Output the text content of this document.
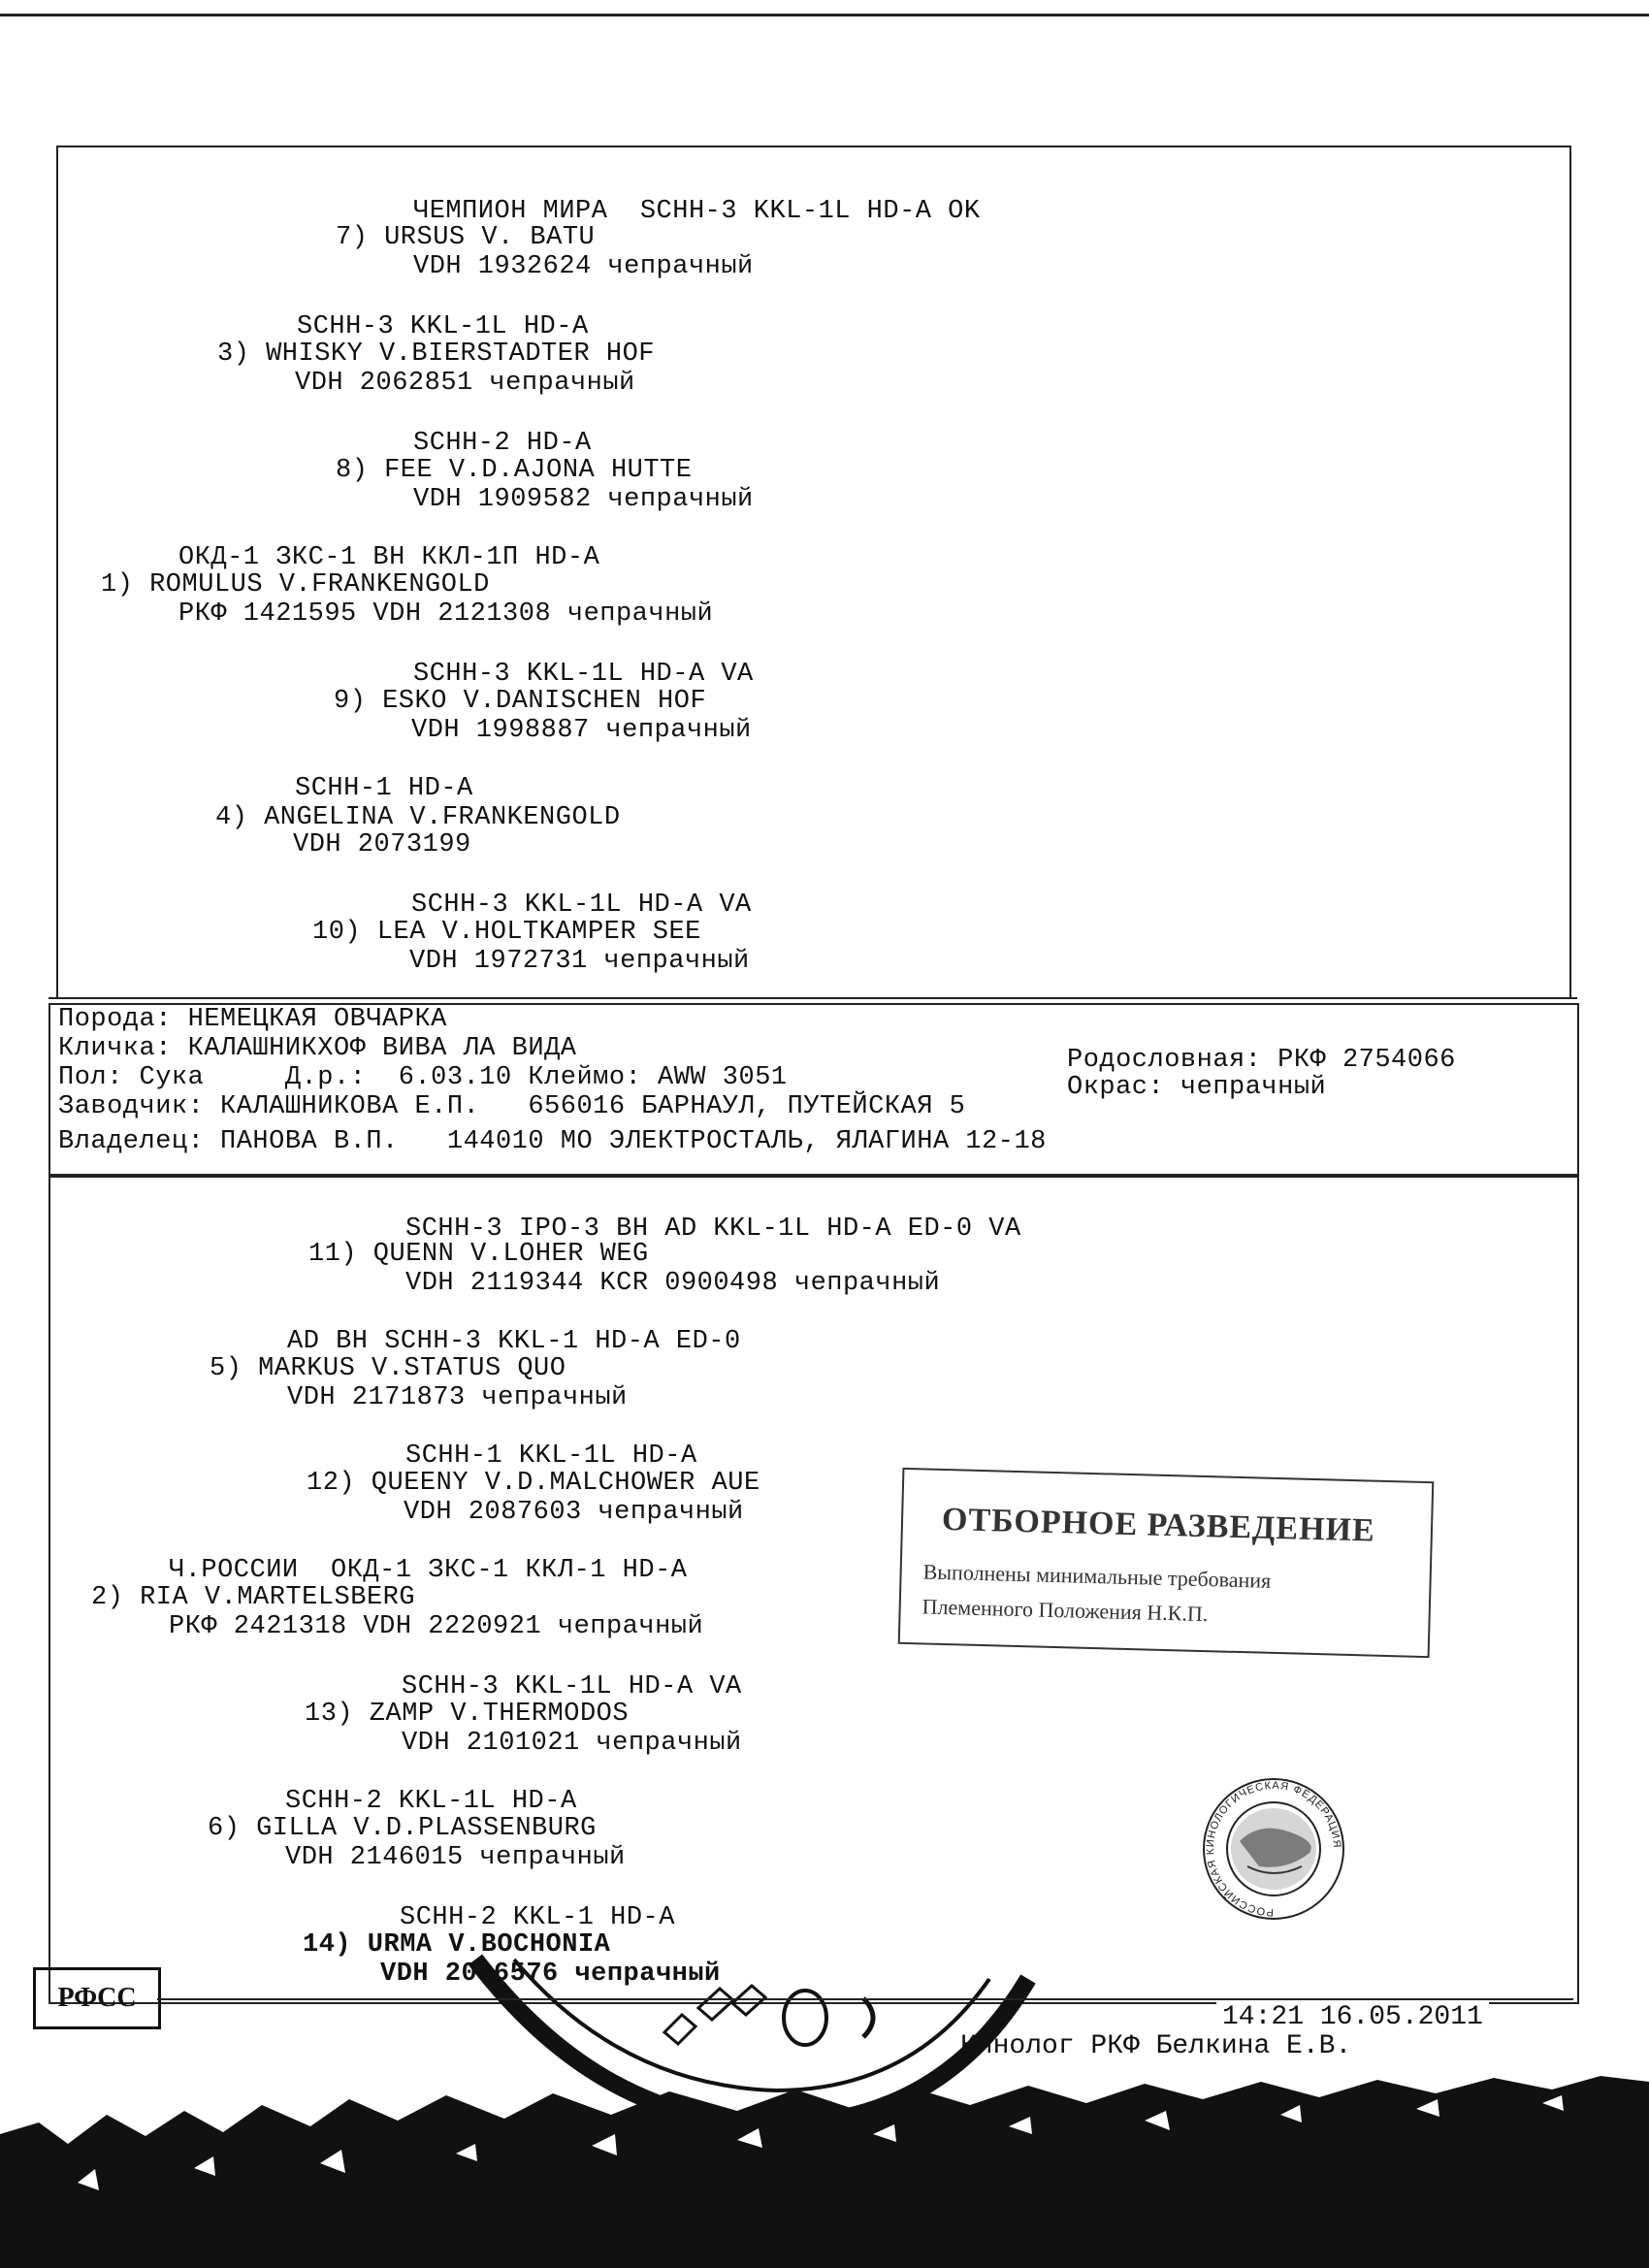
ЧЕМПИОН МИРА  SCHH-3 KKL-1L HD-A OK
7) URSUS V. BATU
VDH 1932624 чепрачный
SCHH-3 KKL-1L HD-A
3) WHISKY V.BIERSTADTER HOF
VDH 2062851 чепрачный
SCHH-2 HD-A
8) FEE V.D.AJONA HUTTE
VDH 1909582 чепрачный
ОКД-1 ЗКС-1 ВН ККЛ-1П HD-A
1) ROMULUS V.FRANKENGOLD
РКФ 1421595 VDH 2121308 чепрачный
SCHH-3 KKL-1L HD-A VA
9) ESKO V.DANISCHEN HOF
VDH 1998887 чепрачный
SCHH-1 HD-A
4) ANGELINA V.FRANKENGOLD
VDH 2073199
SCHH-3 KKL-1L HD-A VA
10) LEA V.HOLTKAMPER SEE
VDH 1972731 чепрачный
Порода: НЕМЕЦКАЯ ОВЧАРКА
Кличка: КАЛАШНИКХОФ ВИВА ЛА ВИДА	Родословная: РКФ 2754066
Пол: Сука     Д.р.:  6.03.10 Клеймо: AWW 3051	Окрас: чепрачный
Заводчик: КАЛАШНИКОВА Е.П.   656016 БАРНАУЛ, ПУТЕЙСКАЯ 5
Владелец: ПАНОВА В.П.   144010 МО ЭЛЕКТРОСТАЛЬ, ЯЛАГИНА 12-18
SCHH-3 IPO-3 BH AD KKL-1L HD-A ED-0 VA
11) QUENN V.LOHER WEG
VDH 2119344 KCR 0900498 чепрачный
AD BH SCHH-3 KKL-1 HD-A ED-0
5) MARKUS V.STATUS QUO
VDH 2171873 чепрачный
SCHH-1 KKL-1L HD-A
12) QUEENY V.D.MALCHOWER AUE
VDH 2087603 чепрачный
Ч.РОССИИ  ОКД-1 ЗКС-1 ККЛ-1 HD-A
2) RIA V.MARTELSBERG
РКФ 2421318 VDH 2220921 чепрачный
SCHH-3 KKL-1L HD-A VA
13) ZAMP V.THERMODOS
VDH 2101021 чепрачный
SCHH-2 KKL-1L HD-A
6) GILLA V.D.PLASSENBURG
VDH 2146015 чепрачный
SCHH-2 KKL-1 HD-A
14) URMA V.BOCHONIA
VDH 2096576 чепрачный
ОТБОРНОЕ РАЗВЕДЕНИЕ
Выполнены минимальные требования
Племенного Положения Н.К.П.
РОССИЙСКАЯ КИНОЛОГИЧЕСКАЯ ФЕДЕРАЦИЯ
РФСС
14:21 16.05.2011
Кинолог РКФ Белкина Е.В.
